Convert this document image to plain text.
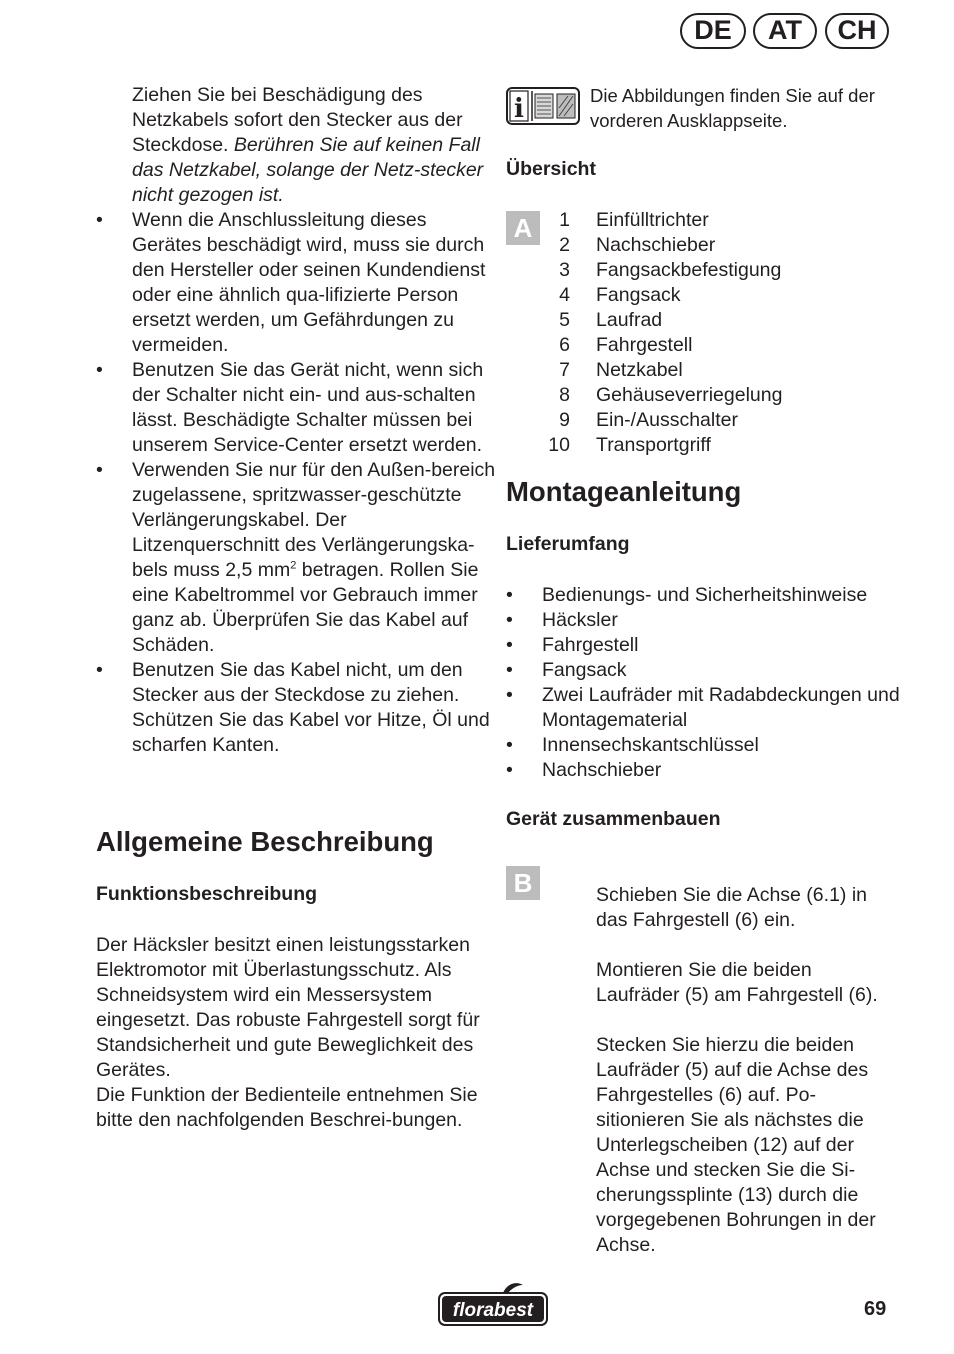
DE	AT	CH
Ziehen Sie bei Beschädigung des Netzkabels sofort den Stecker aus der Steckdose. Berühren Sie auf keinen Fall das Netzkabel, solange der Netz-stecker nicht gezogen ist.
• Wenn die Anschlussleitung dieses Gerätes beschädigt wird, muss sie durch den Hersteller oder seinen Kundendienst oder eine ähnlich qua-lifizierte Person ersetzt werden, um Gefährdungen zu vermeiden.
• Benutzen Sie das Gerät nicht, wenn sich der Schalter nicht ein- und aus-schalten lässt. Beschädigte Schalter müssen bei unserem Service-Center ersetzt werden.
• Verwenden Sie nur für den Außen-bereich zugelassene, spritzwasser-geschützte Verlängerungskabel. Der Litzenquerschnitt des Verlängerungska-bels muss 2,5 $mm^2$ betragen. Rollen Sie eine Kabeltrommel vor Gebrauch immer ganz ab. Überprüfen Sie das Kabel auf Schäden.
• Benutzen Sie das Kabel nicht, um den Stecker aus der Steckdose zu ziehen. Schützen Sie das Kabel vor Hitze, Öl und scharfen Kanten.
Allgemeine Beschreibung
Funktionsbeschreibung
Der Häcksler besitzt einen leistungsstarken Elektromotor mit Überlastungsschutz. Als Schneidsystem wird ein Messersystem eingesetzt. Das robuste Fahrgestell sorgt für Standsicherheit und gute Beweglichkeit des Gerätes.
Die Funktion der Bedienteile entnehmen Sie bitte den nachfolgenden Beschrei-bungen.
i	Die Abbildungen finden Sie auf der vorderen Ausklappseite.
Übersicht
A	1 Einfülltrichter
2 Nachschieber
3 Fangsackbefestigung
4 Fangsack
5 Laufrad
6 Fahrgestell
7 Netzkabel
8 Gehäuseverriegelung
9 Ein-/Ausschalter
10 Transportgriff
Montageanleitung
Lieferumfang
• Bedienungs- und Sicherheitshinweise
• Häcksler
• Fahrgestell
• Fangsack
• Zwei Laufräder mit Radabdeckungen und Montagematerial
• Innensechskantschlüssel
• Nachschieber
Gerät zusammenbauen
B	Schieben Sie die Achse (6.1) in das Fahrgestell (6) ein.

Montieren Sie die beiden Laufräder (5) am Fahrgestell (6).

Stecken Sie hierzu die beiden Laufräder (5) auf die Achse des Fahrgestelles (6) auf. Po-sitionieren Sie als nächstes die Unterlegscheiben (12) auf der Achse und stecken Sie die Si-cherungssplinte (13) durch die vorgegebenen Bohrungen in der Achse.

florabest	69
